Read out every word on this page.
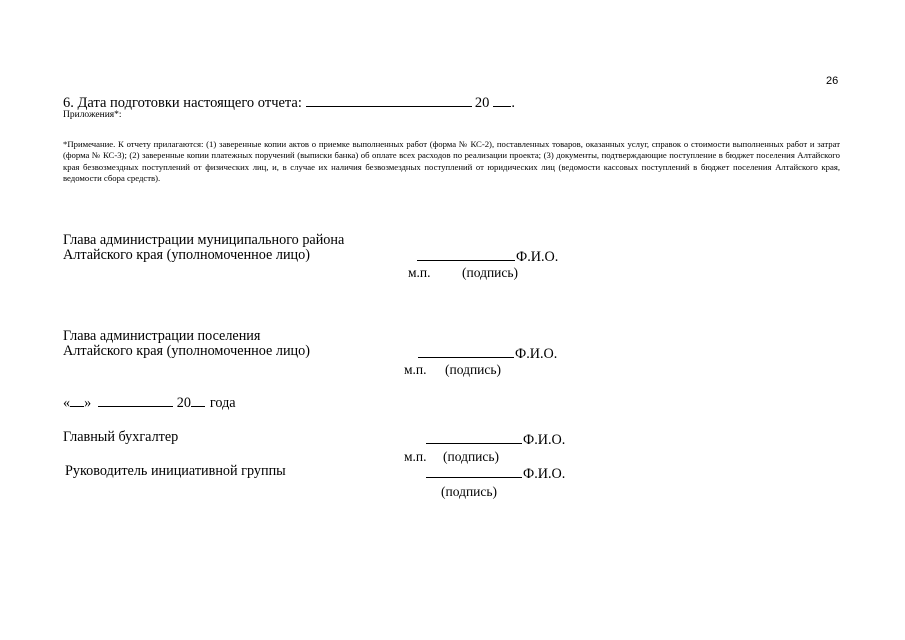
26
6. Дата подготовки настоящего отчета:	20 .
Приложения*:
*Примечание. К отчету прилагаются: (1) заверенные копии актов о приемке выполненных работ (форма № КС-2), поставленных товаров, оказанных услуг, справок о стоимости выполненных работ и затрат (форма № КС-3); (2) заверенные копии платежных поручений (выписки банка) об оплате всех расходов по реализации проекта; (3) документы, подтверждающие поступление в бюджет поселения Алтайского края безвозмездных поступлений от физических лиц, и, в случае их наличия безвозмездных поступлений от юридических лиц (ведомости кассовых поступлений в бюджет поселения Алтайского края, ведомости сбора средств).
Глава администрации муниципального района
Алтайского края (уполномоченное лицо)	Ф.И.О.
м.п. (подпись)
Глава администрации поселения
Алтайского края (уполномоченное лицо)	Ф.И.О.
м.п. (подпись)
« »	20 года
Главный бухгалтер	Ф.И.О.
м.п. (подпись)
Руководитель инициативной группы	Ф.И.О.
(подпись)
